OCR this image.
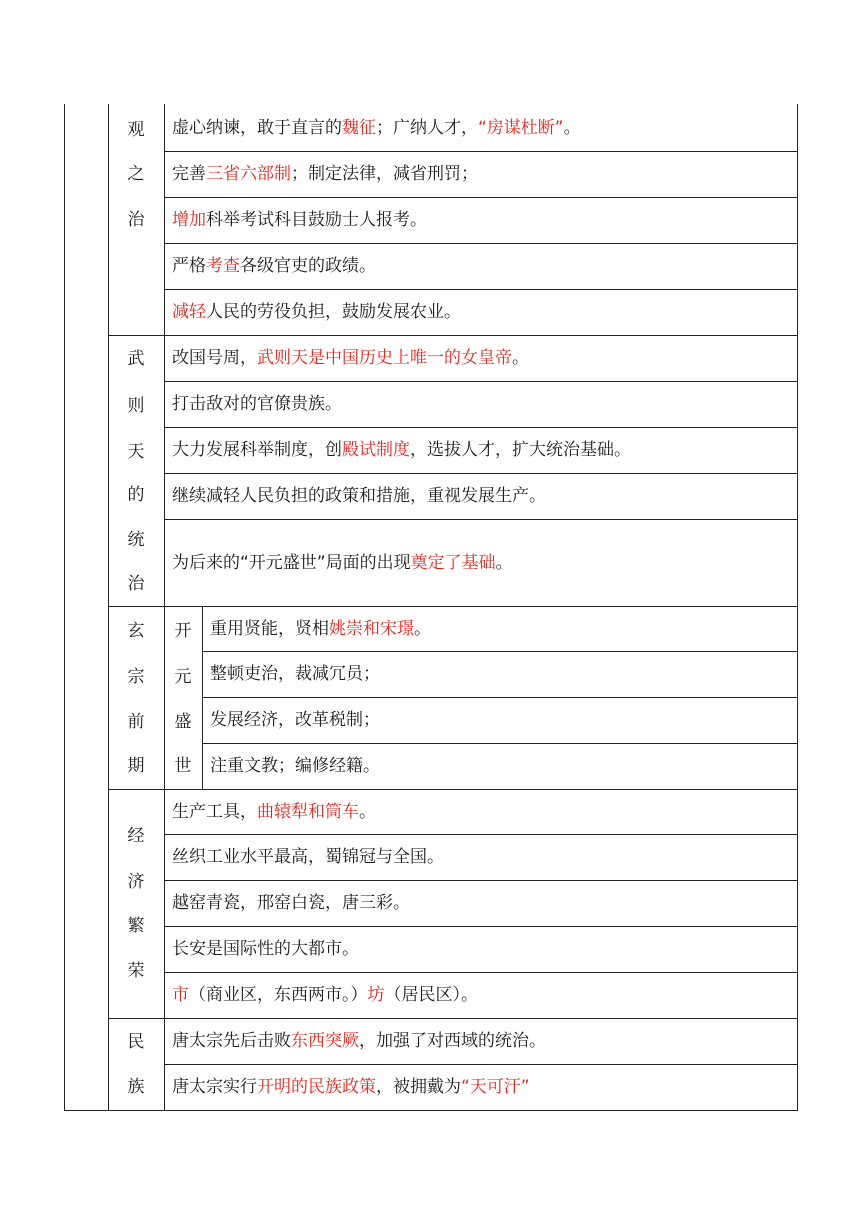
观
之
治
虚心纳谏，敢于直言的魏征；广纳人才，“房谋杜断”。
完善三省六部制；制定法律，减省刑罚；
增加科举考试科目鼓励士人报考。
严格考查各级官吏的政绩。
减轻人民的劳役负担，鼓励发展农业。
武
则
天
的
统
治
改国号周，武则天是中国历史上唯一的女皇帝。
打击敌对的官僚贵族。
大力发展科举制度，创殿试制度，选拔人才，扩大统治基础。
继续减轻人民负担的政策和措施，重视发展生产。
为后来的“开元盛世”局面的出现奠定了基础。
玄
宗
前
期
开
元
盛
世
重用贤能，贤相姚崇和宋璟。
整顿吏治，裁减冗员；
发展经济，改革税制；
注重文教；编修经籍。
经
济
繁
荣
生产工具，曲辕犁和筒车。
丝织工业水平最高，蜀锦冠与全国。
越窑青瓷，邢窑白瓷，唐三彩。
长安是国际性的大都市。
市（商业区，东西两市。）坊（居民区）。
民
族
唐太宗先后击败东西突厥，加强了对西域的统治。
唐太宗实行开明的民族政策，被拥戴为“天可汗”
